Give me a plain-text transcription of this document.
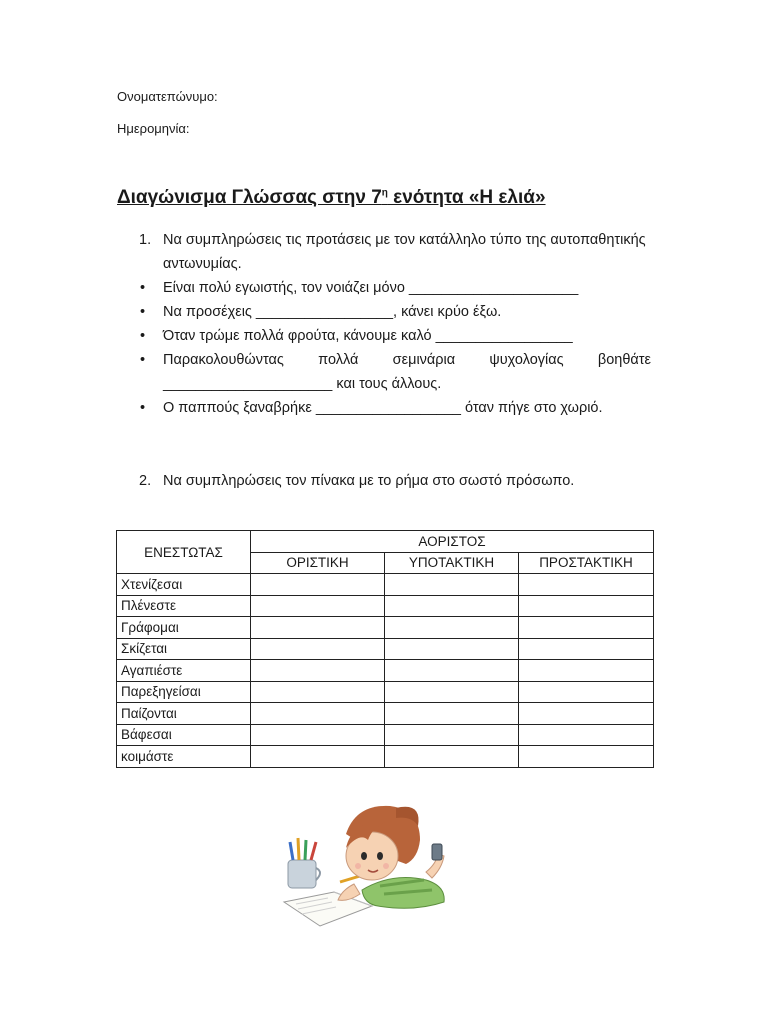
Ονοματεπώνυμο:
Ημερομηνία:
Διαγώνισμα Γλώσσας στην $7^\eta$ ενότητα «Η ελιά»
1. Να συμπληρώσεις τις προτάσεις με τον κατάλληλο τύπο της αυτοπαθητικής αντωνυμίας.
• Είναι πολύ εγωιστής, τον νοιάζει μόνο _____________________
• Να προσέχεις _________________, κάνει κρύο έξω.
• Όταν τρώμε πολλά φρούτα, κάνουμε καλό _________________
• Παρακολουθώντας πολλά σεμινάρια ψυχολογίας βοηθάτε _____________________ και τους άλλους.
• Ο παππούς ξαναβρήκε __________________ όταν πήγε στο χωριό.
2. Να συμπληρώσεις τον πίνακα με το ρήμα στο σωστό πρόσωπο.
ΕΝΕΣΤΩΤΑΣ	ΑΟΡΙΣΤΟΣ		
	ΟΡΙΣΤΙΚΗ	ΥΠΟΤΑΚΤΙΚΗ	ΠΡΟΣΤΑΚΤΙΚΗ
Χτενίζεσαι			
Πλένεστε			
Γράφομαι			
Σκίζεται			
Αγαπιέστε			
Παρεξηγείσαι			
Παίζονται			
Βάφεσαι			
κοιμάστε			
